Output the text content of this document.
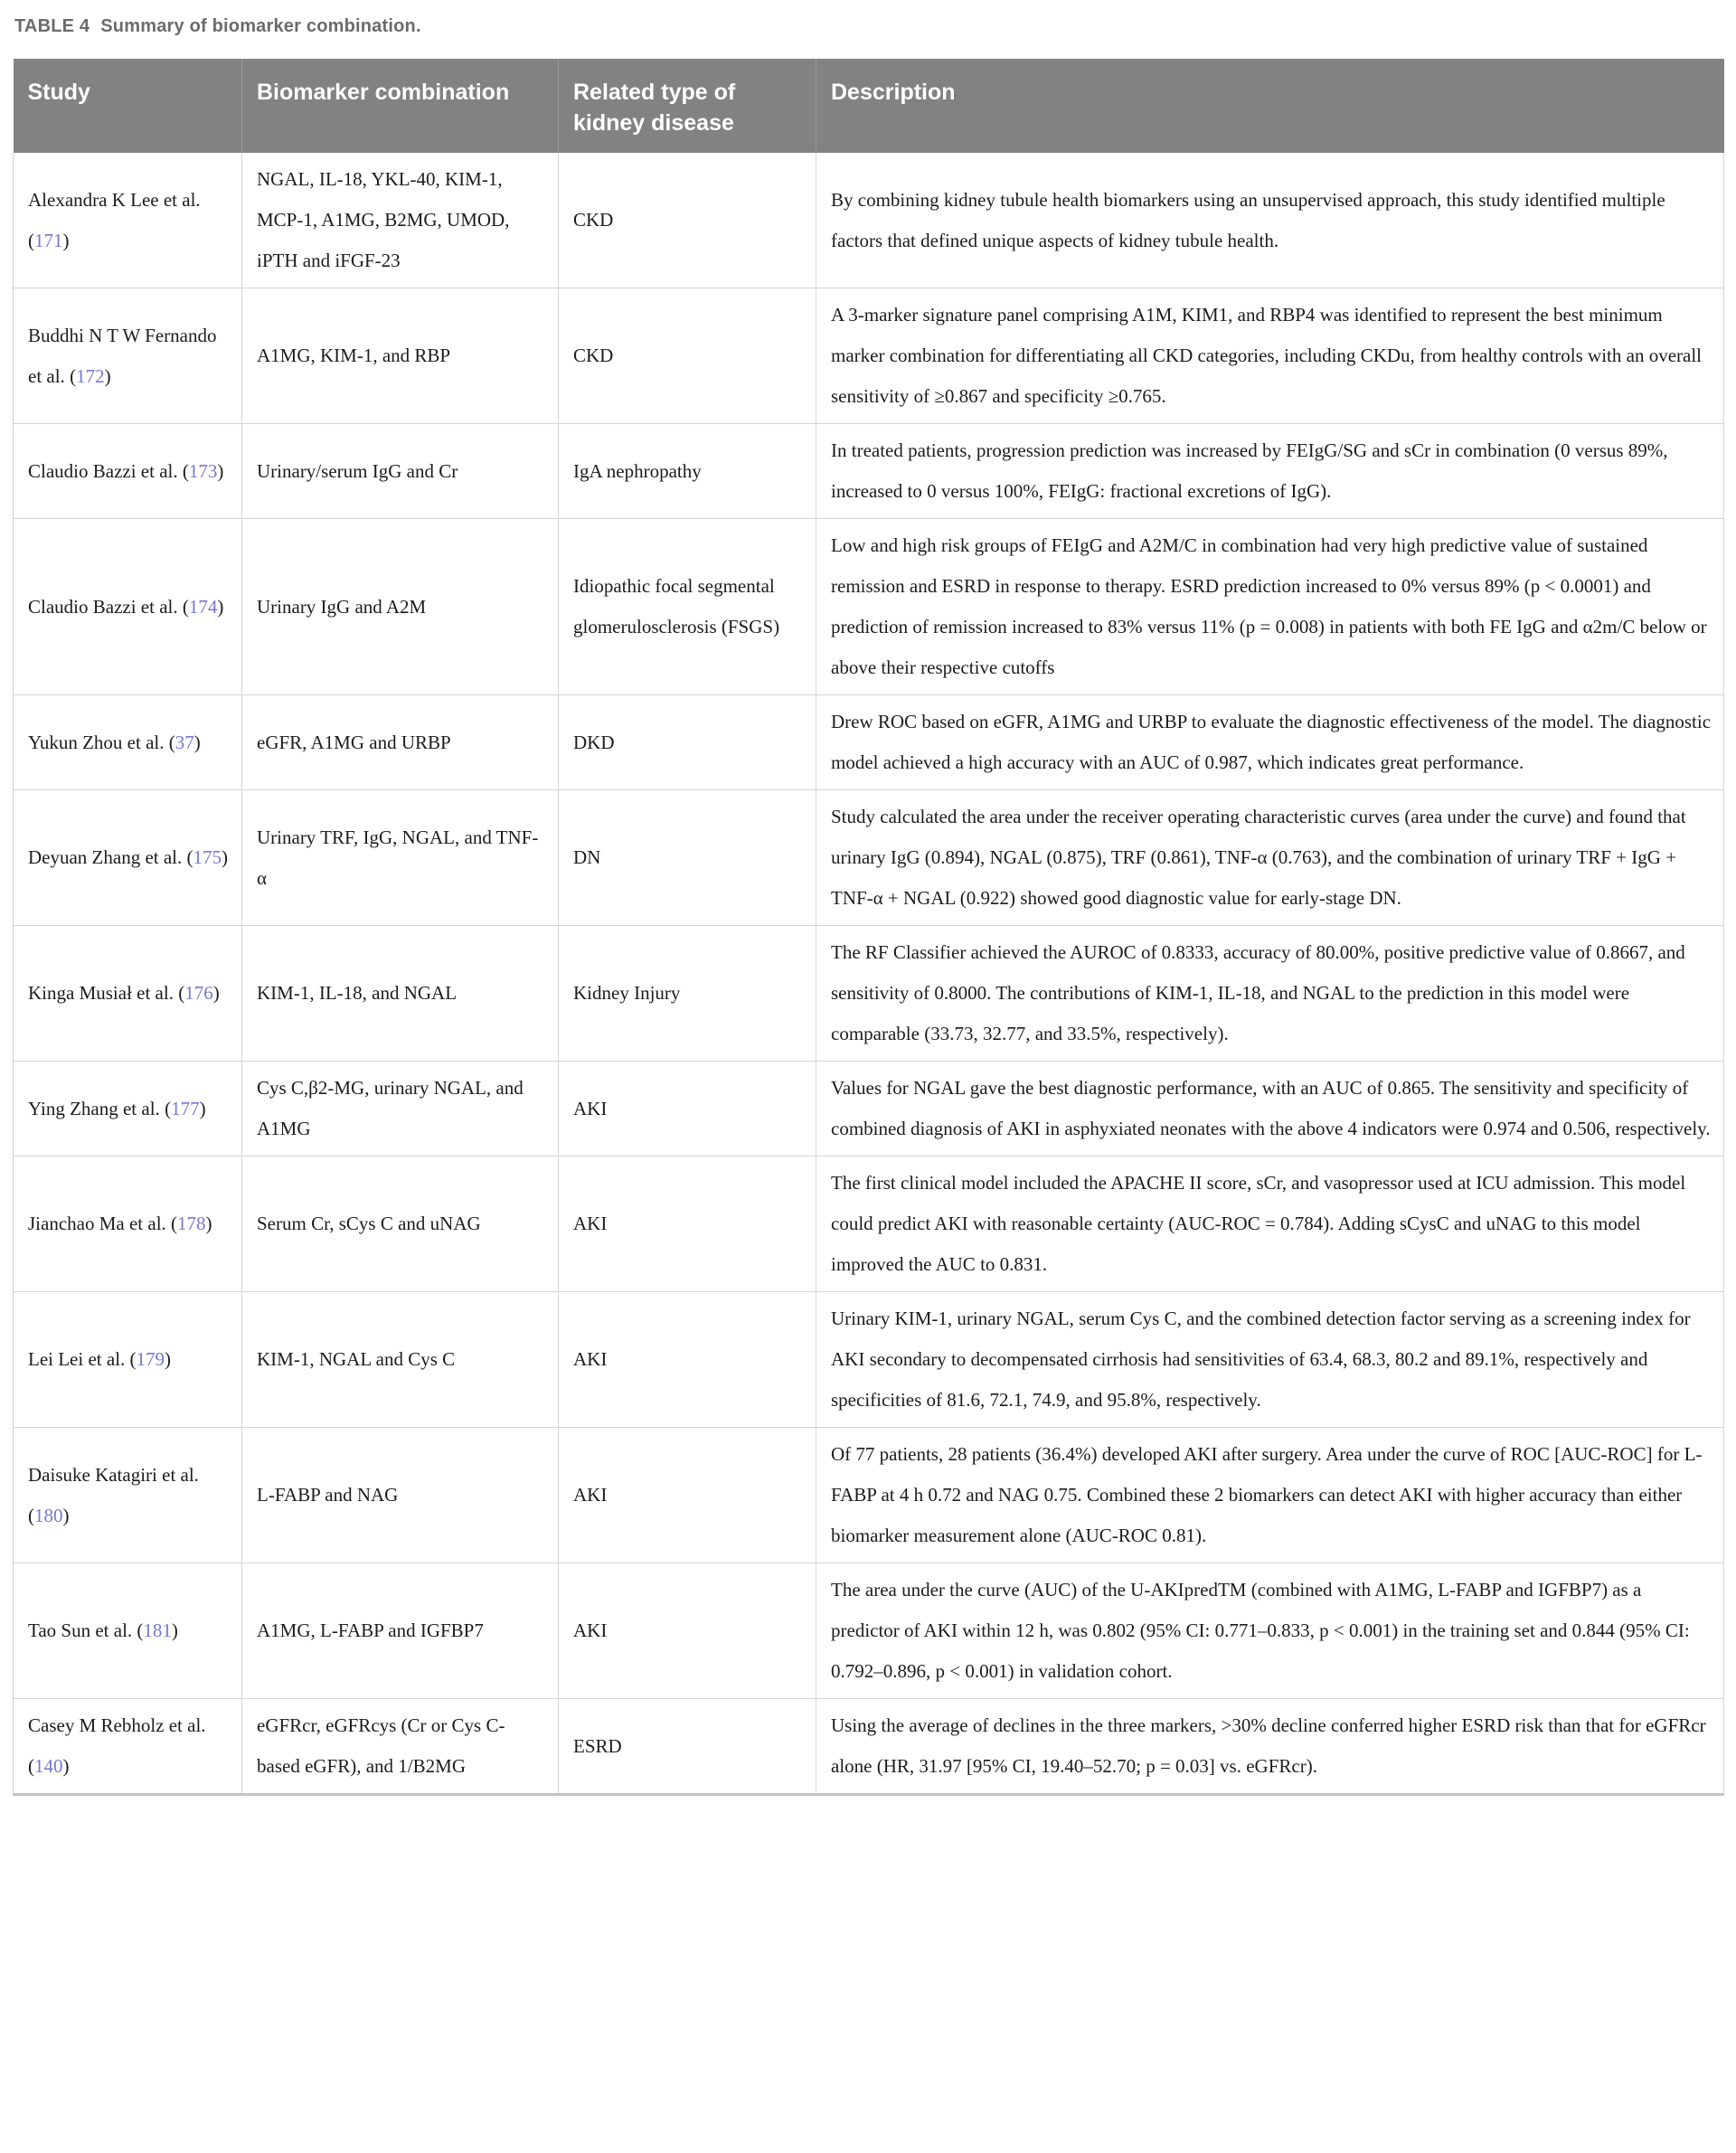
TABLE 4 Summary of biomarker combination.
Study	Biomarker combination	Related type of kidney disease	Description
Alexandra K Lee et al. (171)	NGAL, IL-18, YKL-40, KIM-1, MCP-1, A1MG, B2MG, UMOD, iPTH and iFGF-23	CKD	By combining kidney tubule health biomarkers using an unsupervised approach, this study identified multiple factors that defined unique aspects of kidney tubule health.
Buddhi N T W Fernando et al. (172)	A1MG, KIM-1, and RBP	CKD	A 3-marker signature panel comprising A1M, KIM1, and RBP4 was identified to represent the best minimum marker combination for differentiating all CKD categories, including CKDu, from healthy controls with an overall sensitivity of ≥0.867 and specificity ≥0.765.
Claudio Bazzi et al. (173)	Urinary/serum IgG and Cr	IgA nephropathy	In treated patients, progression prediction was increased by FEIgG/SG and sCr in combination (0 versus 89%, increased to 0 versus 100%, FEIgG: fractional excretions of IgG).
Claudio Bazzi et al. (174)	Urinary IgG and A2M	Idiopathic focal segmental glomerulosclerosis (FSGS)	Low and high risk groups of FEIgG and A2M/C in combination had very high predictive value of sustained remission and ESRD in response to therapy. ESRD prediction increased to 0% versus 89% (p < 0.0001) and prediction of remission increased to 83% versus 11% (p = 0.008) in patients with both FE IgG and α2m/C below or above their respective cutoffs
Yukun Zhou et al. (37)	eGFR, A1MG and URBP	DKD	Drew ROC based on eGFR, A1MG and URBP to evaluate the diagnostic effectiveness of the model. The diagnostic model achieved a high accuracy with an AUC of 0.987, which indicates great performance.
Deyuan Zhang et al. (175)	Urinary TRF, IgG, NGAL, and TNF-α	DN	Study calculated the area under the receiver operating characteristic curves (area under the curve) and found that urinary IgG (0.894), NGAL (0.875), TRF (0.861), TNF-α (0.763), and the combination of urinary TRF + IgG + TNF-α + NGAL (0.922) showed good diagnostic value for early-stage DN.
Kinga Musiał et al. (176)	KIM-1, IL-18, and NGAL	Kidney Injury	The RF Classifier achieved the AUROC of 0.8333, accuracy of 80.00%, positive predictive value of 0.8667, and sensitivity of 0.8000. The contributions of KIM-1, IL-18, and NGAL to the prediction in this model were comparable (33.73, 32.77, and 33.5%, respectively).
Ying Zhang et al. (177)	Cys C,β2-MG, urinary NGAL, and A1MG	AKI	Values for NGAL gave the best diagnostic performance, with an AUC of 0.865. The sensitivity and specificity of combined diagnosis of AKI in asphyxiated neonates with the above 4 indicators were 0.974 and 0.506, respectively.
Jianchao Ma et al. (178)	Serum Cr, sCys C and uNAG	AKI	The first clinical model included the APACHE II score, sCr, and vasopressor used at ICU admission. This model could predict AKI with reasonable certainty (AUC-ROC = 0.784). Adding sCysC and uNAG to this model improved the AUC to 0.831.
Lei Lei et al. (179)	KIM-1, NGAL and Cys C	AKI	Urinary KIM-1, urinary NGAL, serum Cys C, and the combined detection factor serving as a screening index for AKI secondary to decompensated cirrhosis had sensitivities of 63.4, 68.3, 80.2 and 89.1%, respectively and specificities of 81.6, 72.1, 74.9, and 95.8%, respectively.
Daisuke Katagiri et al. (180)	L-FABP and NAG	AKI	Of 77 patients, 28 patients (36.4%) developed AKI after surgery. Area under the curve of ROC [AUC-ROC] for L-FABP at 4 h 0.72 and NAG 0.75. Combined these 2 biomarkers can detect AKI with higher accuracy than either biomarker measurement alone (AUC-ROC 0.81).
Tao Sun et al. (181)	A1MG, L-FABP and IGFBP7	AKI	The area under the curve (AUC) of the U-AKIpredTM (combined with A1MG, L-FABP and IGFBP7) as a predictor of AKI within 12 h, was 0.802 (95% CI: 0.771–0.833, p < 0.001) in the training set and 0.844 (95% CI: 0.792–0.896, p < 0.001) in validation cohort.
Casey M Rebholz et al. (140)	eGFRcr, eGFRcys (Cr or Cys C-based eGFR), and 1/B2MG	ESRD	Using the average of declines in the three markers, >30% decline conferred higher ESRD risk than that for eGFRcr alone (HR, 31.97 [95% CI, 19.40–52.70; p = 0.03] vs. eGFRcr).
